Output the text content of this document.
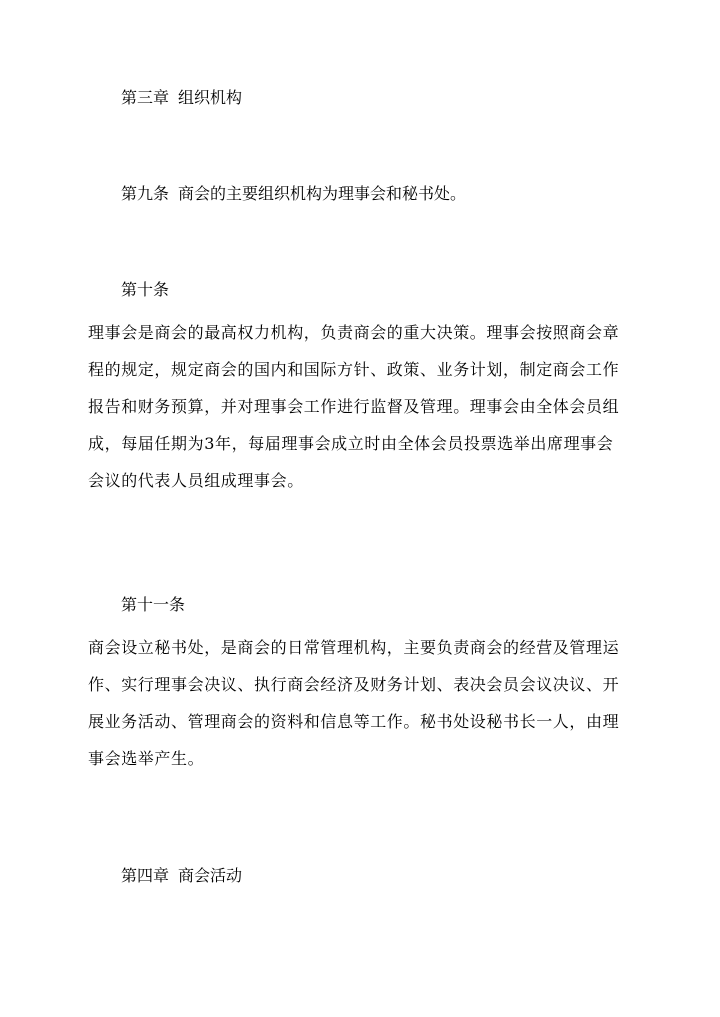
第三章 组织机构
第九条 商会的主要组织机构为理事会和秘书处。
第十条
理事会是商会的最高权力机构，负责商会的重大决策。理事会按照商会章
程的规定，规定商会的国内和国际方针、政策、业务计划，制定商会工作
报告和财务预算，并对理事会工作进行监督及管理。理事会由全体会员组
成，每届任期为3年，每届理事会成立时由全体会员投票选举出席理事会
会议的代表人员组成理事会。
第十一条
商会设立秘书处，是商会的日常管理机构，主要负责商会的经营及管理运
作、实行理事会决议、执行商会经济及财务计划、表决会员会议决议、开
展业务活动、管理商会的资料和信息等工作。秘书处设秘书长一人，由理
事会选举产生。
第四章 商会活动
